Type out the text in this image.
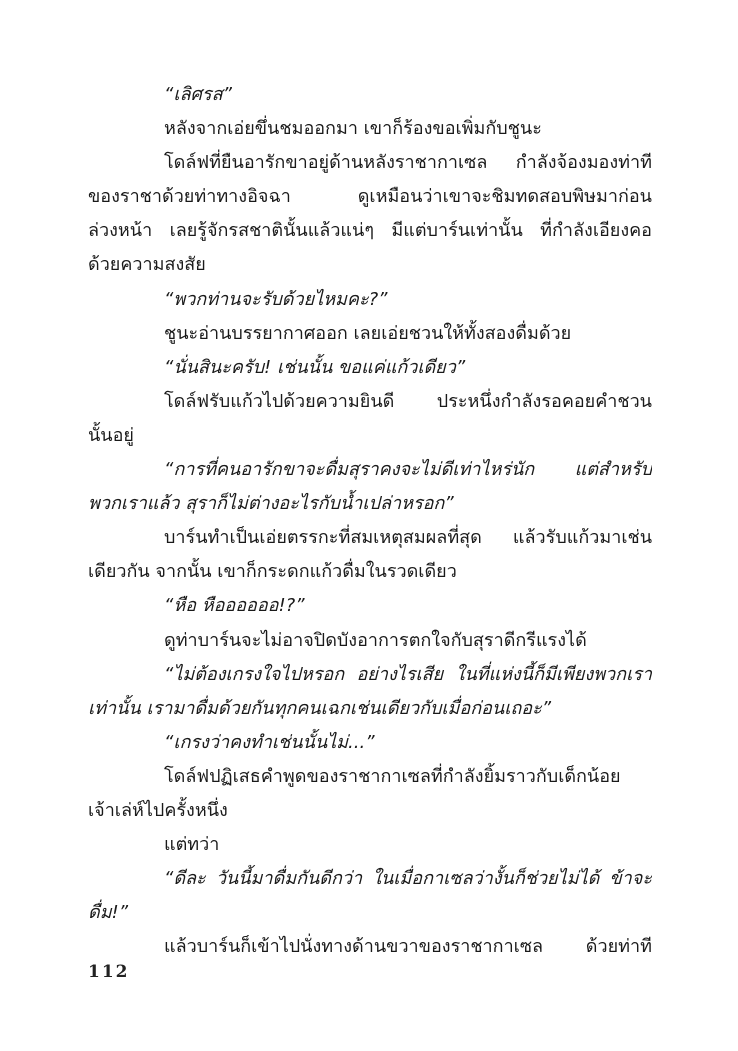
“เลิศรส”
หลังจากเอ่ยขึ่นชมออกมา เขาก็ร้องขอเพิ่มกับชูนะ
โดล์ฟที่ยืนอารักขาอยู่ด้านหลังราชากาเซล กำลังจ้องมองท่าที
ของราชาด้วยท่าทางอิจฉา ดูเหมือนว่าเขาจะชิมทดสอบพิษมาก่อน
ล่วงหน้า เลยรู้จักรสชาตินั้นแล้วแน่ๆ มีแต่บาร์นเท่านั้น ที่กำลังเอียงคอ
ด้วยความสงสัย
“พวกท่านจะรับด้วยไหมคะ?”
ชูนะอ่านบรรยากาศออก เลยเอ่ยชวนให้ทั้งสองดื่มด้วย
“นั่นสินะครับ! เช่นนั้น ขอแค่แก้วเดียว”
โดล์ฟรับแก้วไปด้วยความยินดี ประหนึ่งกำลังรอคอยคำชวน
นั้นอยู่
“การที่คนอารักขาจะดื่มสุราคงจะไม่ดีเท่าไหร่นัก แต่สำหรับ
พวกเราแล้ว สุราก็ไม่ต่างอะไรกับน้ำเปล่าหรอก”
บาร์นทำเป็นเอ่ยตรรกะที่สมเหตุสมผลที่สุด แล้วรับแก้วมาเช่น
เดียวกัน จากนั้น เขาก็กระดกแก้วดื่มในรวดเดียว
“หือ หืออออออ!?”
ดูท่าบาร์นจะไม่อาจปิดบังอาการตกใจกับสุราดีกรีแรงได้
“ไม่ต้องเกรงใจไปหรอก อย่างไรเสีย ในที่แห่งนี้ก็มีเพียงพวกเรา
เท่านั้น เรามาดื่มด้วยกันทุกคนเฉกเช่นเดียวกับเมื่อก่อนเถอะ”
“เกรงว่าคงทำเช่นนั้นไม่...”
โดล์ฟปฏิเสธคำพูดของราชากาเซลที่กำลังยิ้มราวกับเด็กน้อย
เจ้าเล่ห์ไปครั้งหนึ่ง
แต่ทว่า
“ดีละ วันนี้มาดื่มกันดีกว่า ในเมื่อกาเซลว่างั้นก็ช่วยไม่ได้ ข้าจะ
ดื่ม!”
แล้วบาร์นก็เข้าไปนั่งทางด้านขวาของราชากาเซล ด้วยท่าที
112
